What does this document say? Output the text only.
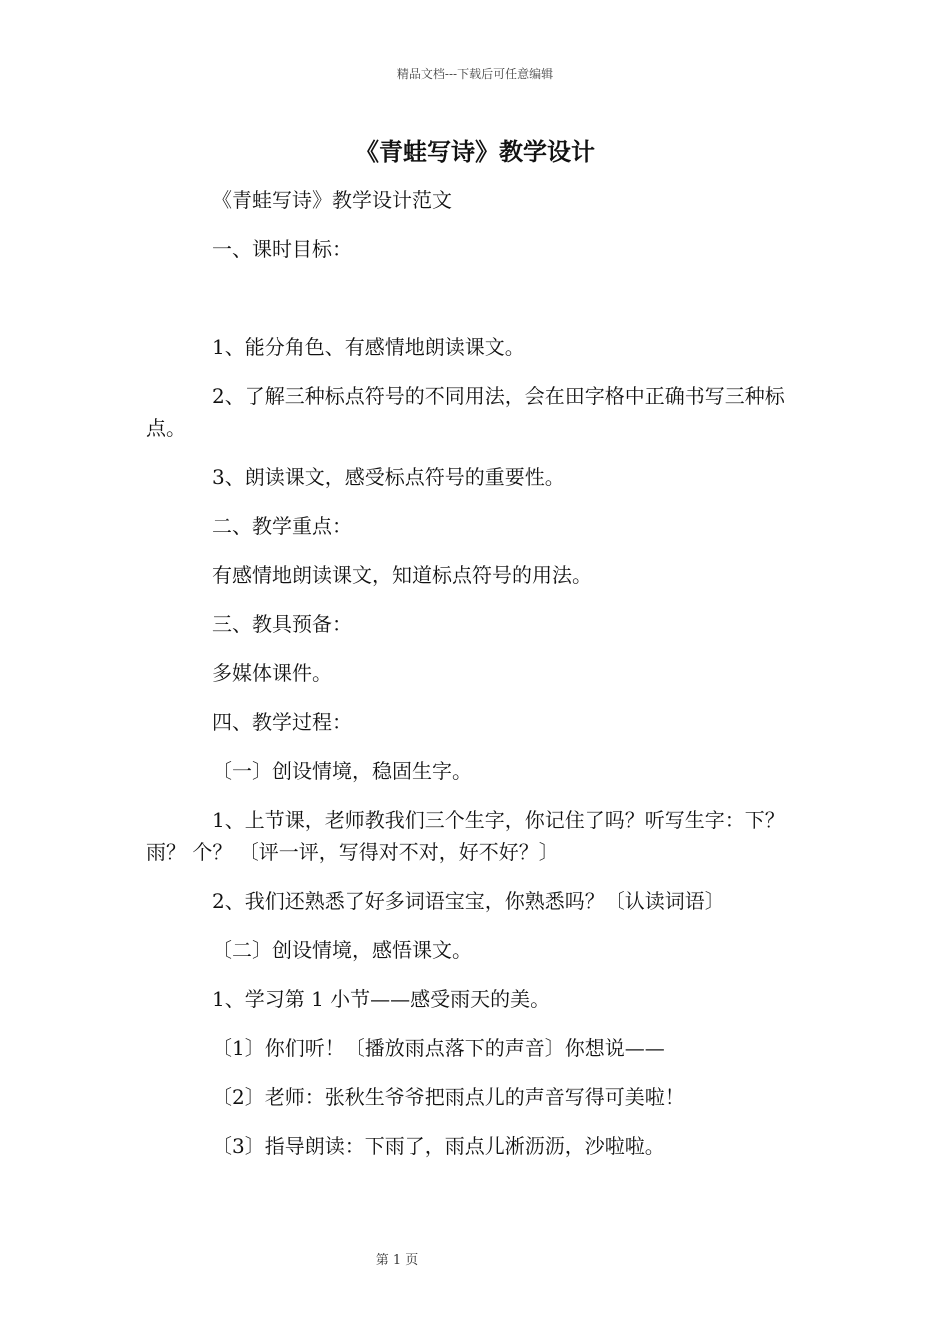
精品文档---下载后可任意编辑
《青蛙写诗》教学设计

《青蛙写诗》教学设计范文

一、课时目标：

1、能分角色、有感情地朗读课文。

2、了解三种标点符号的不同用法，会在田字格中正确书写三种标点。

3、朗读课文，感受标点符号的重要性。

二、教学重点：

有感情地朗读课文，知道标点符号的用法。

三、教具预备：

多媒体课件。

四、教学过程：

〔一〕创设情境，稳固生字。

1、上节课，老师教我们三个生字，你记住了吗？听写生字：下？ 雨？ 个？ 〔评一评，写得对不对，好不好？〕

2、我们还熟悉了好多词语宝宝，你熟悉吗？〔认读词语〕

〔二〕创设情境，感悟课文。

1、学习第 1 小节——感受雨天的美。

〔1〕你们听！〔播放雨点落下的声音〕你想说——

〔2〕老师：张秋生爷爷把雨点儿的声音写得可美啦！

〔3〕指导朗读：下雨了，雨点儿淅沥沥，沙啦啦。

第 1 页
